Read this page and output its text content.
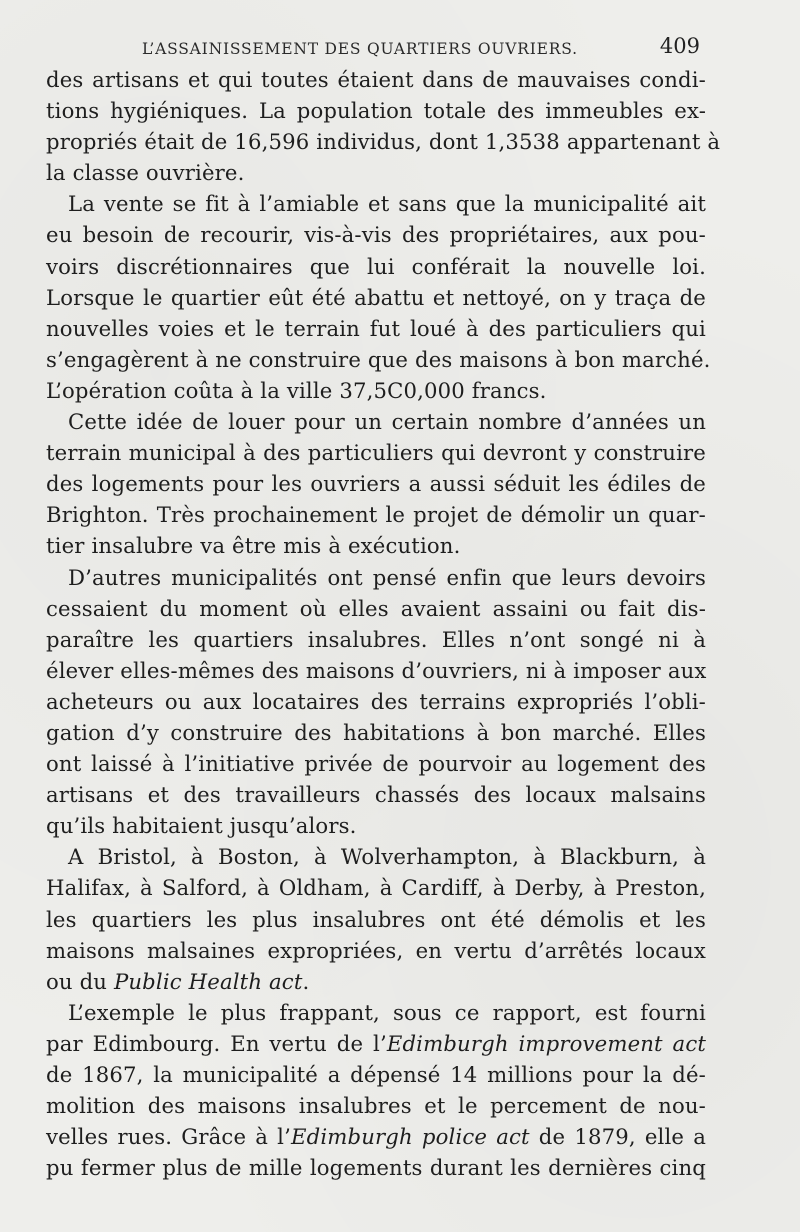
L’ASSAINISSEMENT DES QUARTIERS OUVRIERS.	409
des artisans et qui toutes étaient dans de mauvaises condi-
tions hygiéniques. La population totale des immeubles ex-
propriés était de 16,596 individus, dont 1,3538 appartenant à
la classe ouvrière.
La vente se fit à l’amiable et sans que la municipalité ait
eu besoin de recourir, vis-à-vis des propriétaires, aux pou-
voirs discrétionnaires que lui conférait la nouvelle loi.
Lorsque le quartier eût été abattu et nettoyé, on y traça de
nouvelles voies et le terrain fut loué à des particuliers qui
s’engagèrent à ne construire que des maisons à bon marché.
L’opération coûta à la ville 37,5C0,000 francs.
Cette idée de louer pour un certain nombre d’années un
terrain municipal à des particuliers qui devront y construire
des logements pour les ouvriers a aussi séduit les édiles de
Brighton. Très prochainement le projet de démolir un quar-
tier insalubre va être mis à exécution.
D’autres municipalités ont pensé enfin que leurs devoirs
cessaient du moment où elles avaient assaini ou fait dis-
paraître les quartiers insalubres. Elles n’ont songé ni à
élever elles-mêmes des maisons d’ouvriers, ni à imposer aux
acheteurs ou aux locataires des terrains expropriés l’obli-
gation d’y construire des habitations à bon marché. Elles
ont laissé à l’initiative privée de pourvoir au logement des
artisans et des travailleurs chassés des locaux malsains
qu’ils habitaient jusqu’alors.
A Bristol, à Boston, à Wolverhampton, à Blackburn, à
Halifax, à Salford, à Oldham, à Cardiff, à Derby, à Preston,
les quartiers les plus insalubres ont été démolis et les
maisons malsaines expropriées, en vertu d’arrêtés locaux
ou du Public Health act.
L’exemple le plus frappant, sous ce rapport, est fourni
par Edimbourg. En vertu de l’Edimburgh improvement act
de 1867, la municipalité a dépensé 14 millions pour la dé-
molition des maisons insalubres et le percement de nou-
velles rues. Grâce à l’Edimburgh police act de 1879, elle a
pu fermer plus de mille logements durant les dernières cinq
